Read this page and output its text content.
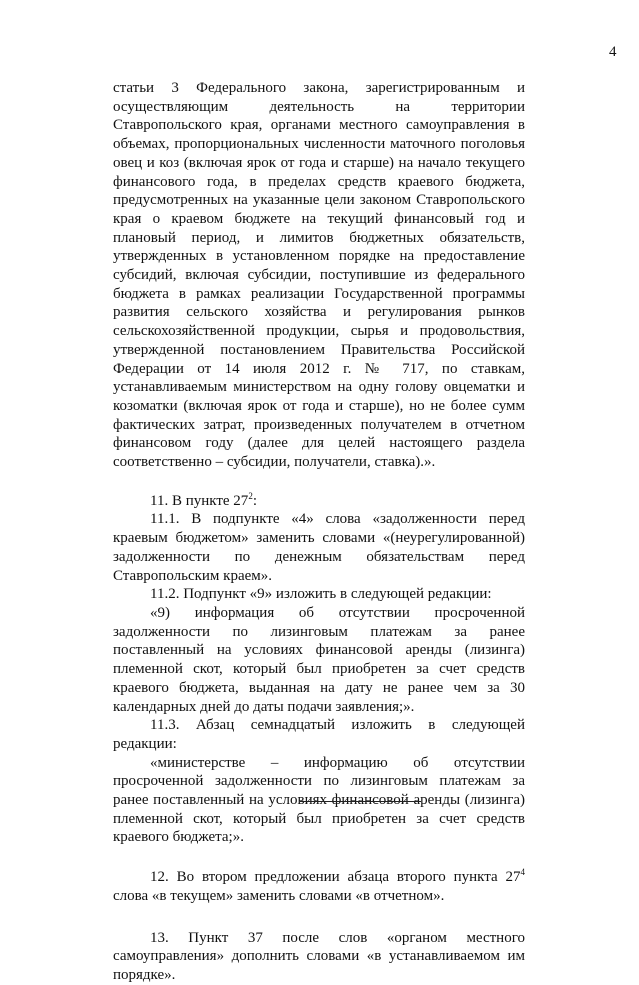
4

статьи 3 Федерального закона, зарегистрированным и осуществляющим деятельность на территории Ставропольского края, органами местного самоуправления в объемах, пропорциональных численности маточного поголовья овец и коз (включая ярок от года и старше) на начало текущего финансового года, в пределах средств краевого бюджета, предусмотренных на указанные цели законом Ставропольского края о краевом бюджете на текущий финансовый год и плановый период, и лимитов бюджетных обязательств, утвержденных в установленном порядке на предоставление субсидий, включая субсидии, поступившие из федерального бюджета в рамках реализации Государственной программы развития сельского хозяйства и регулирования рынков сельскохозяйственной продукции, сырья и продовольствия, утвержденной постановлением Правительства Российской Федерации от 14 июля 2012 г. № 717, по ставкам, устанавливаемым министерством на одну голову овцематки и козоматки (включая ярок от года и старше), но не более сумм фактических затрат, произведенных получателем в отчетном финансовом году (далее для целей настоящего раздела соответственно – субсидии, получатели, ставка).».

11. В пункте $27^2$:

11.1. В подпункте «4» слова «задолженности перед краевым бюджетом» заменить словами «(неурегулированной) задолженности по денежным обязательствам перед Ставропольским краем».

11.2. Подпункт «9» изложить в следующей редакции:

«9) информация об отсутствии просроченной задолженности по лизинговым платежам за ранее поставленный на условиях финансовой аренды (лизинга) племенной скот, который был приобретен за счет средств краевого бюджета, выданная на дату не ранее чем за 30 календарных дней до даты подачи заявления;».

11.3. Абзац семнадцатый изложить в следующей редакции:

«министерстве – информацию об отсутствии просроченной задолженности по лизинговым платежам за ранее поставленный на условиях финансовой аренды (лизинга) племенной скот, который был приобретен за счет средств краевого бюджета;».

12. Во втором предложении абзаца второго пункта $27^4$ слова «в текущем» заменить словами «в отчетном».

13. Пункт 37 после слов «органом местного самоуправления» дополнить словами «в устанавливаемом им порядке».
